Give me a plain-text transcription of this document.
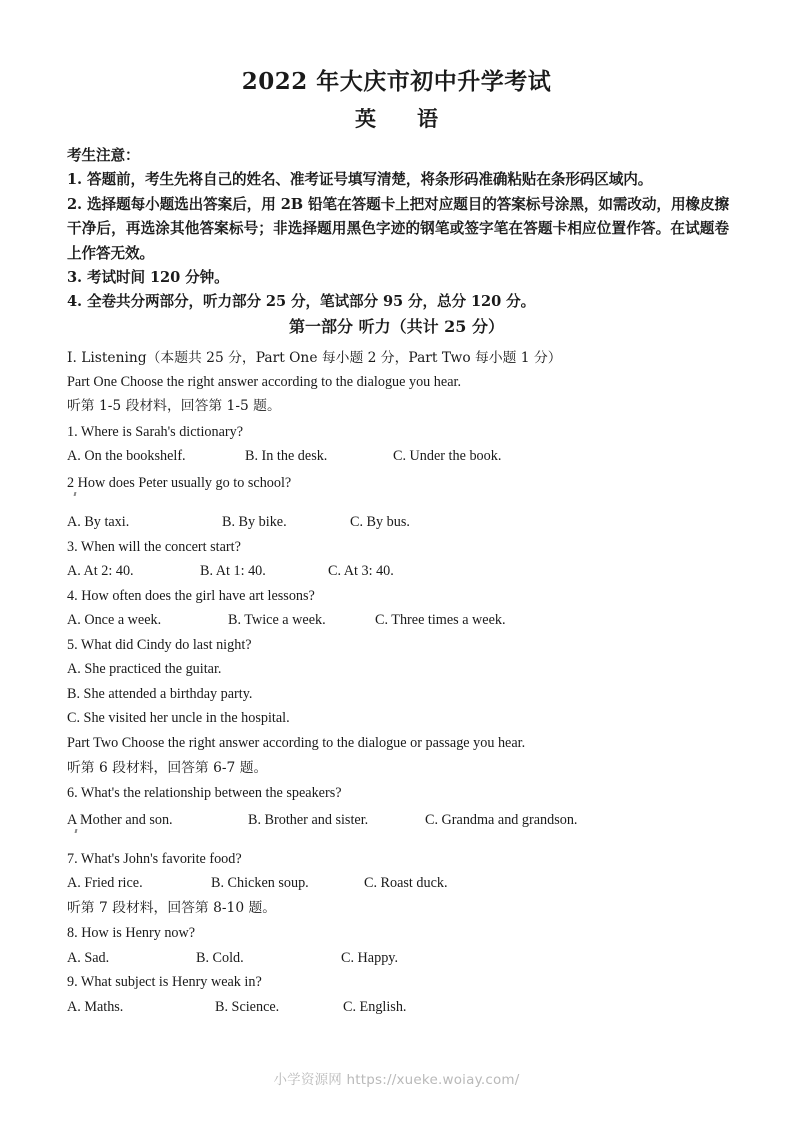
2022 年大庆市初中升学考试
英　语

考生注意：

1. 答题前，考生先将自己的姓名、准考证号填写清楚，将条形码准确粘贴在条形码区域内。

2. 选择题每小题选出答案后，用 2B 铅笔在答题卡上把对应题目的答案标号涂黑，如需改动，用橡皮擦干净后，再选涂其他答案标号；非选择题用黑色字迹的钢笔或签字笔在答题卡相应位置作答。在试题卷上作答无效。

3. 考试时间 120 分钟。

4. 全卷共分两部分，听力部分 25 分，笔试部分 95 分，总分 120 分。

第一部分 听力（共计 25 分）
I. Listening（本题共 25 分，Part One 每小题 2 分，Part Two 每小题 1 分）
Part One Choose the right answer according to the dialogue you hear.
听第 1-5 段材料，回答第 1-5 题。
1. Where is Sarah's dictionary?
A. On the bookshelf.	B. In the desk.	C. Under the book.
2 How does Peter usually go to school?
A. By taxi.	B. By bike.	C. By bus.
3. When will the concert start?
A. At 2: 40.	B. At 1: 40.	C. At 3: 40.
4. How often does the girl have art lessons?
A. Once a week.	B. Twice a week.	C. Three times a week.
5. What did Cindy do last night?
A. She practiced the guitar.
B. She attended a birthday party.
C. She visited her uncle in the hospital.
Part Two Choose the right answer according to the dialogue or passage you hear.
听第 6 段材料，回答第 6-7 题。
6. What's the relationship between the speakers?
A Mother and son.	B. Brother and sister.	C. Grandma and grandson.
7. What's John's favorite food?
A. Fried rice.	B. Chicken soup.	C. Roast duck.
听第 7 段材料，回答第 8-10 题。
8. How is Henry now?
A. Sad.	B. Cold.	C. Happy.
9. What subject is Henry weak in?
A. Maths.	B. Science.	C. English.
小学资源网 https://xueke.woiay.com/
